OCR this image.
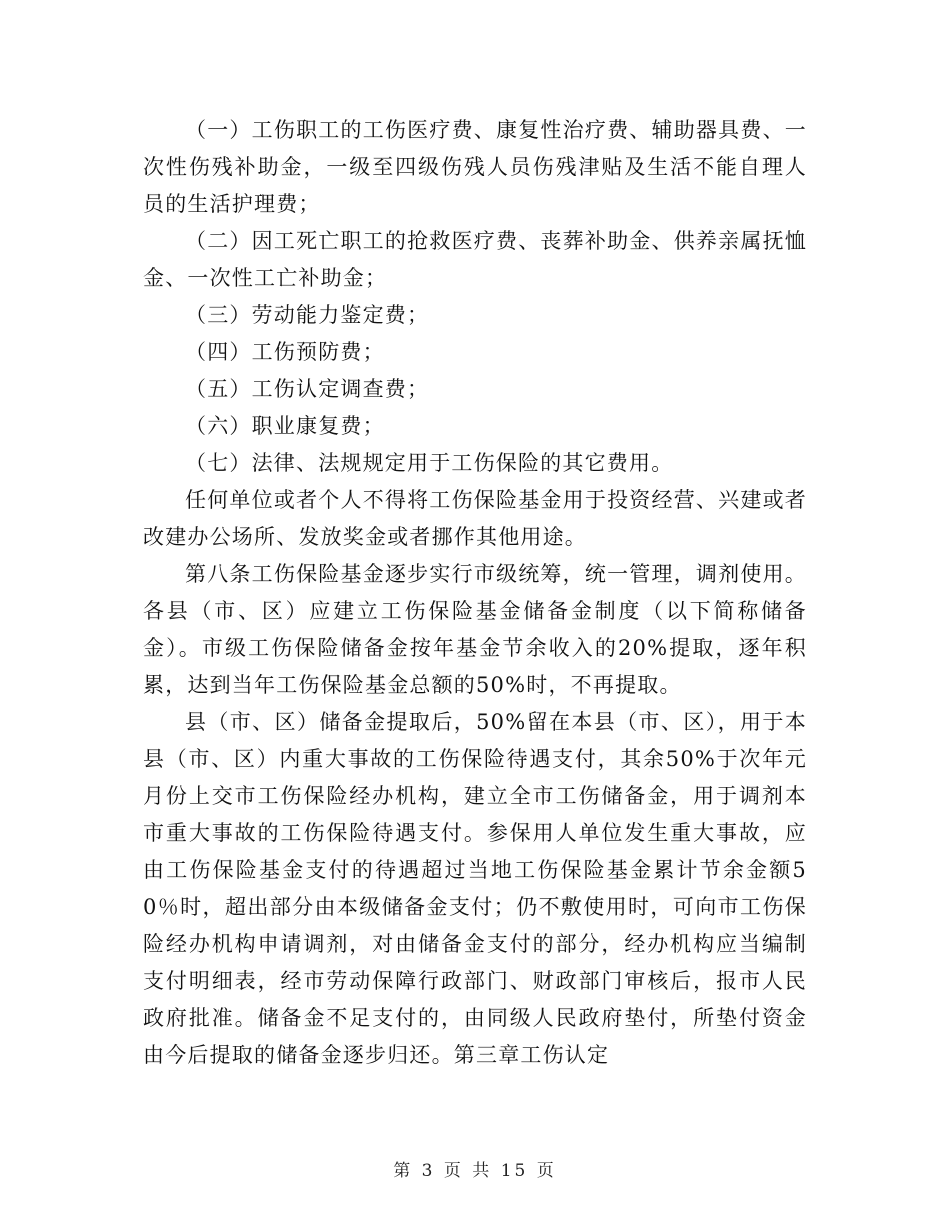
（一）工伤职工的工伤医疗费、康复性治疗费、辅助器具费、一次性伤残补助金，一级至四级伤残人员伤残津贴及生活不能自理人员的生活护理费；

（二）因工死亡职工的抢救医疗费、丧葬补助金、供养亲属抚恤金、一次性工亡补助金；

（三）劳动能力鉴定费；

（四）工伤预防费；

（五）工伤认定调查费；

（六）职业康复费；

（七）法律、法规规定用于工伤保险的其它费用。

任何单位或者个人不得将工伤保险基金用于投资经营、兴建或者改建办公场所、发放奖金或者挪作其他用途。

第八条工伤保险基金逐步实行市级统筹，统一管理，调剂使用。各县（市、区）应建立工伤保险基金储备金制度（以下简称储备金）。市级工伤保险储备金按年基金节余收入的20%提取，逐年积累，达到当年工伤保险基金总额的50%时，不再提取。

县（市、区）储备金提取后，50%留在本县（市、区），用于本县（市、区）内重大事故的工伤保险待遇支付，其余50%于次年元月份上交市工伤保险经办机构，建立全市工伤储备金，用于调剂本市重大事故的工伤保险待遇支付。参保用人单位发生重大事故，应由工伤保险基金支付的待遇超过当地工伤保险基金累计节余金额50％时，超出部分由本级储备金支付；仍不敷使用时，可向市工伤保险经办机构申请调剂，对由储备金支付的部分，经办机构应当编制支付明细表，经市劳动保障行政部门、财政部门审核后，报市人民政府批准。储备金不足支付的，由同级人民政府垫付，所垫付资金由今后提取的储备金逐步归还。第三章工伤认定

第 3 页 共 15 页
